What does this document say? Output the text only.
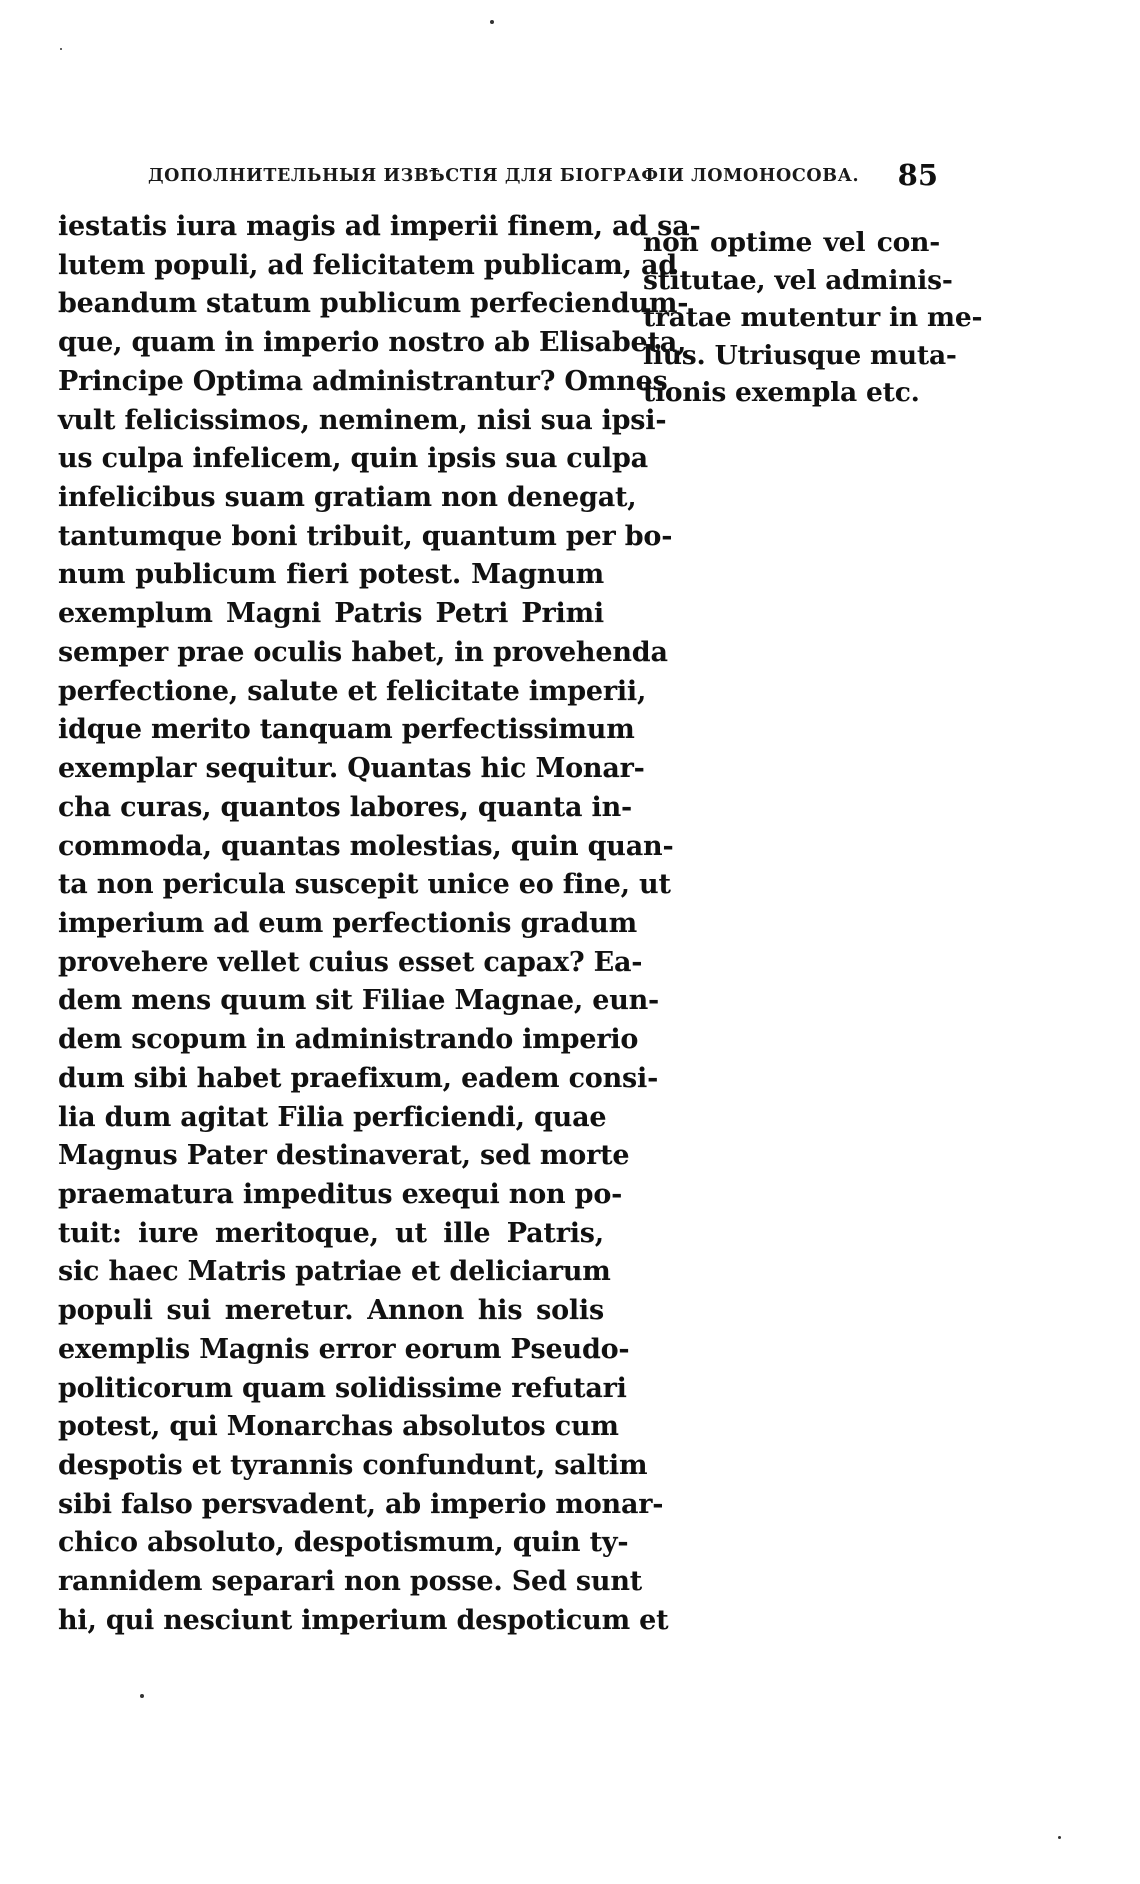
ДОПОЛНИТЕЛЬНЫЯ ИЗВѢСТІЯ ДЛЯ БІОГРАФІИ ЛОМОНОСОВА. 85
iestatis iura magis ad imperii finem, ad sa-
lutem populi, ad felicitatem publicam, ad
beandum statum publicum perfeciendum-
que, quam in imperio nostro ab Elisabeta,
Principe Optima administrantur? Omnes
vult felicissimos, neminem, nisi sua ipsi-
us culpa infelicem, quin ipsis sua culpa
infelicibus suam gratiam non denegat,
tantumque boni tribuit, quantum per bo-
num publicum fieri potest. Magnum
exemplum Magni Patris Petri Primi
semper prae oculis habet, in provehenda
perfectione, salute et felicitate imperii,
idque merito tanquam perfectissimum
exemplar sequitur. Quantas hic Monar-
cha curas, quantos labores, quanta in-
commoda, quantas molestias, quin quan-
ta non pericula suscepit unice eo fine, ut
imperium ad eum perfectionis gradum
provehere vellet cuius esset capax? Ea-
dem mens quum sit Filiae Magnae, eun-
dem scopum in administrando imperio
dum sibi habet praefixum, eadem consi-
lia dum agitat Filia perficiendi, quae
Magnus Pater destinaverat, sed morte
praematura impeditus exequi non po-
tuit: iure meritoque, ut ille Patris,
sic haec Matris patriae et deliciarum
populi sui meretur. Annon his solis
exemplis Magnis error eorum Pseudo-
politicorum quam solidissime refutari
potest, qui Monarchas absolutos cum
despotis et tyrannis confundunt, saltim
sibi falso persvadent, ab imperio monar-
chico absoluto, despotismum, quin ty-
rannidem separari non posse. Sed sunt
hi, qui nesciunt imperium despoticum et
non optime vel con-
stitutae, vel adminis-
tratae mutentur in me-
lius. Utriusque muta-
tionis exempla etc.
